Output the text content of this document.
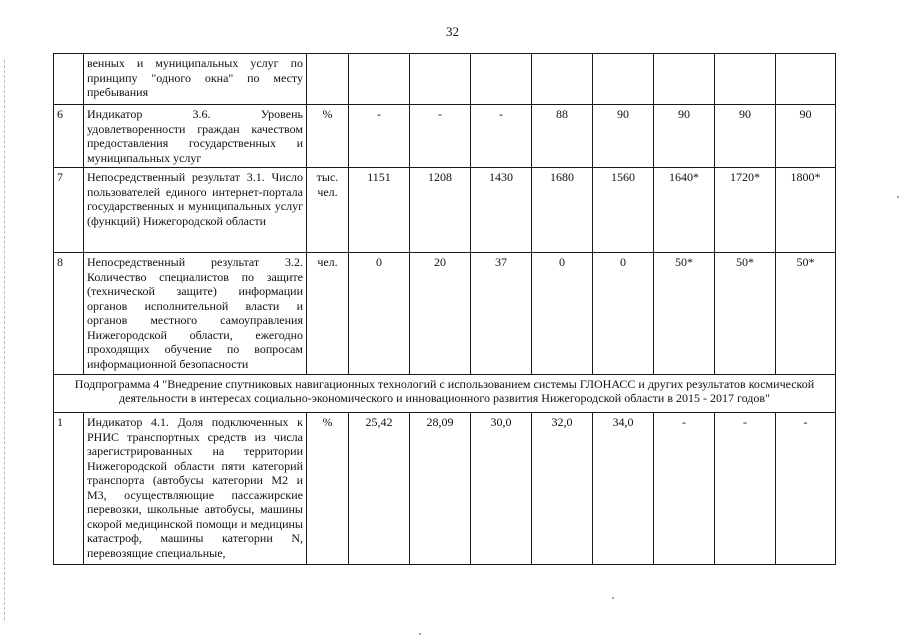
32
	венных и муниципальных услуг по принципу "одного окна" по месту пребывания									
6	Индикатор 3.6. Уровень удовлетворенности граждан качеством предоставления государственных и муниципальных услуг	%	-	-	-	88	90	90	90	90
7	Непосредственный результат 3.1. Число пользователей единого интернет-портала государственных и муниципальных услуг (функций) Нижегородской области	тыс. чел.	1151	1208	1430	1680	1560	1640*	1720*	1800*
8	Непосредственный результат 3.2. Количество специалистов по защите (технической защите) информации органов исполнительной власти и органов местного самоуправления Нижегородской области, ежегодно проходящих обучение по вопросам информационной безопасности	чел.	0	20	37	0	0	50*	50*	50*
Подпрограмма 4 "Внедрение спутниковых навигационных технологий с использованием системы ГЛОНАСС и других результатов космической деятельности в интересах социально-экономического и инновационного развития Нижегородской области в 2015 - 2017 годов"										
1	Индикатор 4.1. Доля подключенных к РНИС транспортных средств из числа зарегистрированных на территории Нижегородской области пяти категорий транспорта (автобусы категории M2 и M3, осуществляющие пассажирские перевозки, школьные автобусы, машины скорой медицинской помощи и медицины катастроф, машины категории N, перевозящие специальные,	%	25,42	28,09	30,0	32,0	34,0	-	-	-
